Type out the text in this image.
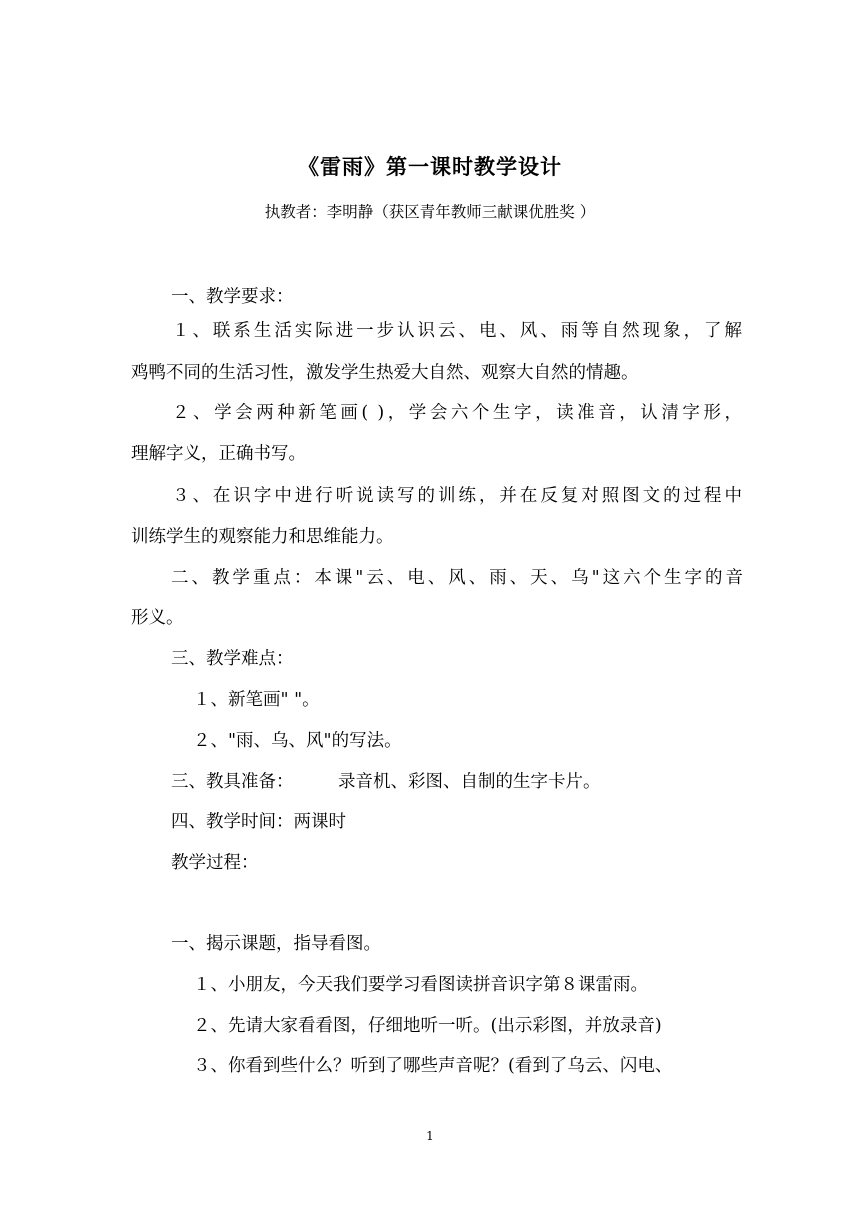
《雷雨》第一课时教学设计
执教者：李明静（获区青年教师三献课优胜奖 ）
一、教学要求：
１、联系生活实际进一步认识云、电、风、雨等自然现象，了解
鸡鸭不同的生活习性，激发学生热爱大自然、观察大自然的情趣。
２、学会两种新笔画( )，学会六个生字，读准音，认清字形，
理解字义，正确书写。
３、在识字中进行听说读写的训练，并在反复对照图文的过程中
训练学生的观察能力和思维能力。
二、教学重点：本课"云、电、风、雨、天、乌"这六个生字的音
形义。
三、教学难点：
１、新笔画" "。
２、"雨、乌、风"的写法。
三、教具准备：        录音机、彩图、自制的生字卡片。
四、教学时间：两课时
教学过程：
一、揭示课题，指导看图。
１、小朋友，今天我们要学习看图读拼音识字第８课雷雨。
２、先请大家看看图，仔细地听一听。(出示彩图，并放录音)
３、你看到些什么？听到了哪些声音呢？(看到了乌云、闪电、
1
